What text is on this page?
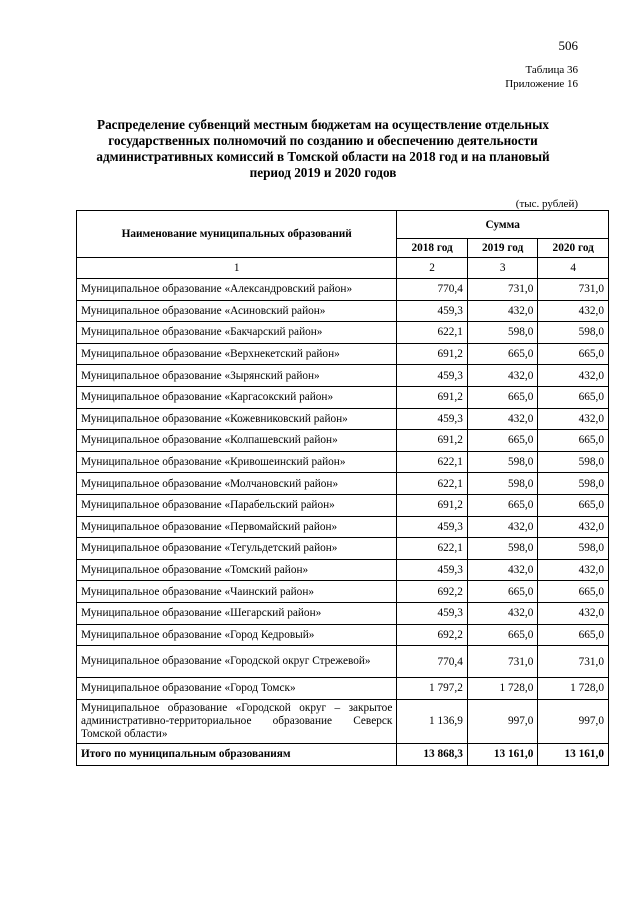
506
Таблица 36
Приложение 16
Распределение субвенций местным бюджетам на осуществление отдельных государственных полномочий по созданию и обеспечению деятельности административных комиссий в Томской области на 2018 год и на плановый период 2019 и 2020 годов
(тыс. рублей)
Наименование муниципальных образований	Сумма		
	2018 год	2019 год	2020 год
1	2	3	4
Муниципальное образование «Александровский район»	770,4	731,0	731,0
Муниципальное образование «Асиновский район»	459,3	432,0	432,0
Муниципальное образование «Бакчарский район»	622,1	598,0	598,0
Муниципальное образование «Верхнекетский район»	691,2	665,0	665,0
Муниципальное образование «Зырянский район»	459,3	432,0	432,0
Муниципальное образование «Каргасокский район»	691,2	665,0	665,0
Муниципальное образование «Кожевниковский район»	459,3	432,0	432,0
Муниципальное образование «Колпашевский район»	691,2	665,0	665,0
Муниципальное образование «Кривошеинский район»	622,1	598,0	598,0
Муниципальное образование «Молчановский район»	622,1	598,0	598,0
Муниципальное образование «Парабельский район»	691,2	665,0	665,0
Муниципальное образование «Первомайский район»	459,3	432,0	432,0
Муниципальное образование «Тегульдетский район»	622,1	598,0	598,0
Муниципальное образование «Томский район»	459,3	432,0	432,0
Муниципальное образование «Чаинский район»	692,2	665,0	665,0
Муниципальное образование «Шегарский район»	459,3	432,0	432,0
Муниципальное образование «Город Кедровый»	692,2	665,0	665,0
Муниципальное образование «Городской округ Стрежевой»	770,4	731,0	731,0
Муниципальное образование «Город Томск»	1 797,2	1 728,0	1 728,0
Муниципальное образование «Городской округ – закрытое административно-территориальное образование Северск Томской области»	1 136,9	997,0	997,0
Итого по муниципальным образованиям	13 868,3	13 161,0	13 161,0
